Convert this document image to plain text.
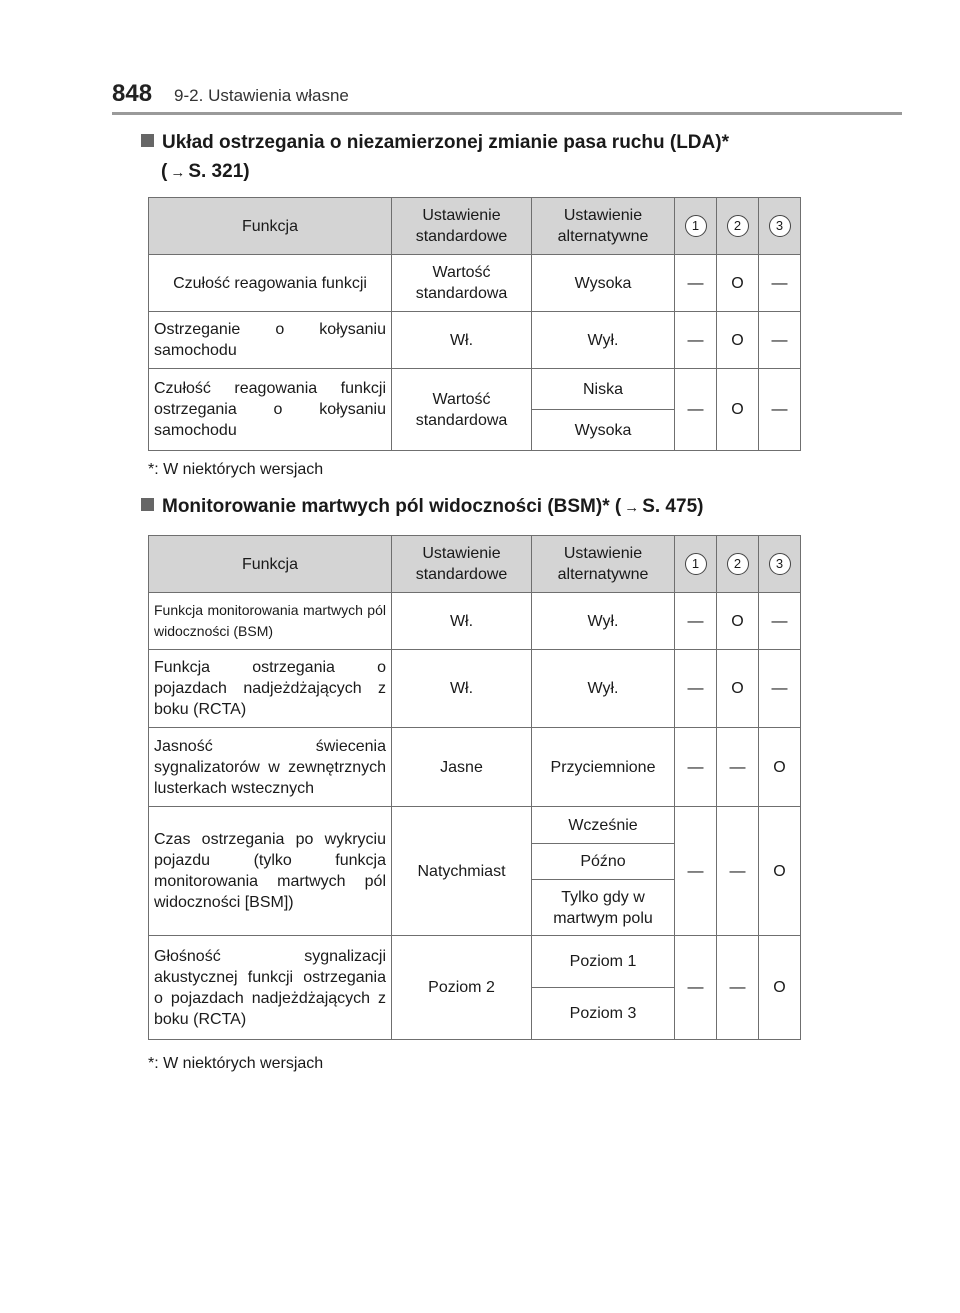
848 9-2. Ustawienia własne
Układ ostrzegania o niezamierzonej zmianie pasa ruchu (LDA)*
( → S. 321)
Funkcja	Ustawienie standardowe	Ustawienie alternatywne	1	2	3
Czułość reagowania funkcji	Wartość standardowa	Wysoka	—	O	—
Ostrzeganie o kołysaniu samochodu	Wł.	Wył.	—	O	—
Czułość reagowania funkcji ostrzegania o kołysaniu samochodu	Wartość standardowa	Niska	—	O	—
		Wysoka			
*: W niektórych wersjach
Monitorowanie martwych pól widoczności (BSM)* ( → S. 475)
Funkcja	Ustawienie standardowe	Ustawienie alternatywne	1	2	3
Funkcja monitorowania martwych pól widoczności (BSM)	Wł.	Wył.	—	O	—
Funkcja ostrzegania o pojazdach nadjeżdżających z boku (RCTA)	Wł.	Wył.	—	O	—
Jasność świecenia sygnalizatorów w zewnętrznych lusterkach wstecznych	Jasne	Przyciemnione	—	—	O
Czas ostrzegania po wykryciu pojazdu (tylko funkcja monitorowania martwych pól widoczności [BSM])	Natychmiast	Wcześnie	—	—	O
		Późno			
		Tylko gdy w martwym polu			
Głośność sygnalizacji akustycznej funkcji ostrzegania o pojazdach nadjeżdżających z boku (RCTA)	Poziom 2	Poziom 1	—	—	O
		Poziom 3			
*: W niektórych wersjach
